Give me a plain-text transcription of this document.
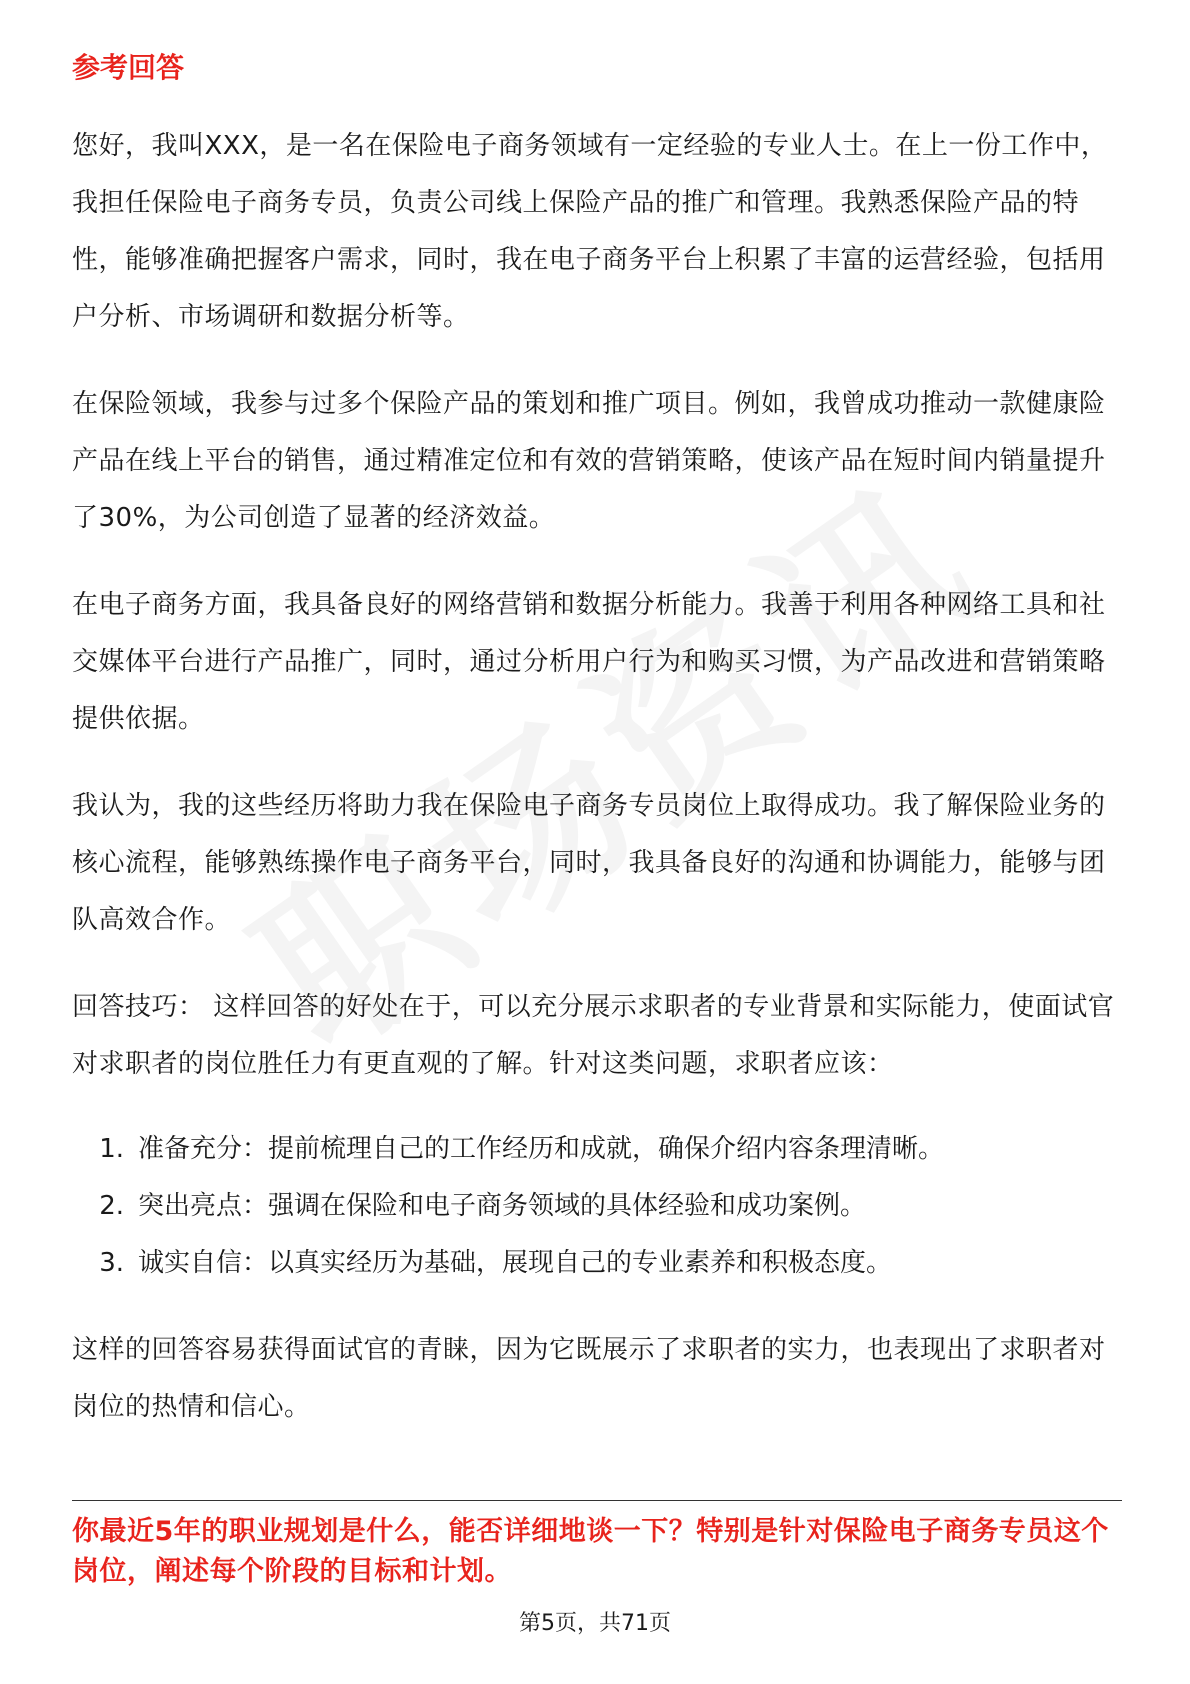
参考回答

您好，我叫XXX，是一名在保险电子商务领域有一定经验的专业人士。在上一份工作中，我担任保险电子商务专员，负责公司线上保险产品的推广和管理。我熟悉保险产品的特性，能够准确把握客户需求，同时，我在电子商务平台上积累了丰富的运营经验，包括用户分析、市场调研和数据分析等。

在保险领域，我参与过多个保险产品的策划和推广项目。例如，我曾成功推动一款健康险产品在线上平台的销售，通过精准定位和有效的营销策略，使该产品在短时间内销量提升了30%，为公司创造了显著的经济效益。

在电子商务方面，我具备良好的网络营销和数据分析能力。我善于利用各种网络工具和社交媒体平台进行产品推广，同时，通过分析用户行为和购买习惯，为产品改进和营销策略提供依据。

我认为，我的这些经历将助力我在保险电子商务专员岗位上取得成功。我了解保险业务的核心流程，能够熟练操作电子商务平台，同时，我具备良好的沟通和协调能力，能够与团队高效合作。

回答技巧： 这样回答的好处在于，可以充分展示求职者的专业背景和实际能力，使面试官对求职者的岗位胜任力有更直观的了解。针对这类问题，求职者应该：

1. 准备充分：提前梳理自己的工作经历和成就，确保介绍内容条理清晰。
2. 突出亮点：强调在保险和电子商务领域的具体经验和成功案例。
3. 诚实自信：以真实经历为基础，展现自己的专业素养和积极态度。

这样的回答容易获得面试官的青睐，因为它既展示了求职者的实力，也表现出了求职者对岗位的热情和信心。

你最近5年的职业规划是什么，能否详细地谈一下？特别是针对保险电子商务专员这个岗位，阐述每个阶段的目标和计划。
第5页，共71页
